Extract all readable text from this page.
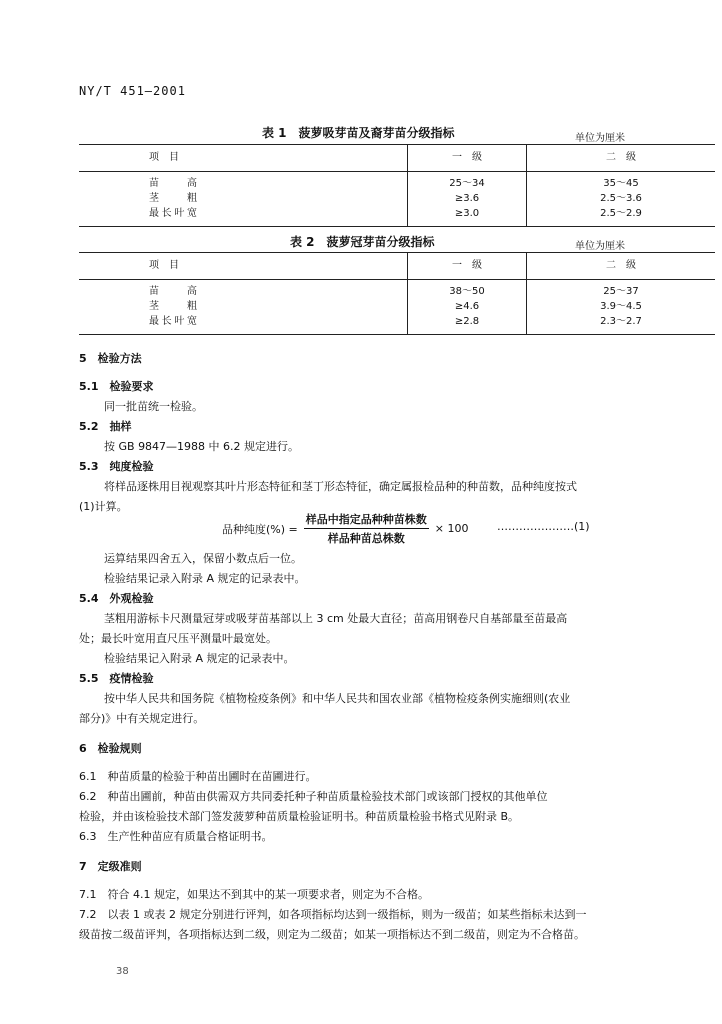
NY/T 451—2001
表 1　菠萝吸芽苗及裔芽苗分级指标	单位为厘米
项　目	一　级	二　级
苗高	25～34	35～45
茎粗	≥3.6	2.5～3.6
最长叶宽	≥3.0	2.5～2.9
表 2　菠萝冠芽苗分级指标	单位为厘米
项　目	一　级	二　级
苗高	38～50	25～37
茎粗	≥4.6	3.9～4.5
最长叶宽	≥2.8	2.3～2.7
5　检验方法
5.1　检验要求
同一批苗统一检验。
5.2　抽样
按 GB 9847—1988 中 6.2 规定进行。
5.3　纯度检验
将样品逐株用目视观察其叶片形态特征和茎丁形态特征，确定属报检品种的种苗数，品种纯度按式
(1)计算。
品种纯度(%) = $\frac{\text{样品中指定品种种苗株数}}{\text{样品种苗总株数}} \times 100$	…………………(1)
运算结果四舍五入，保留小数点后一位。
检验结果记录入附录 A 规定的记录表中。
5.4　外观检验
茎粗用游标卡尺测量冠芽或吸芽苗基部以上 3 cm 处最大直径；苗高用钢卷尺自基部量至苗最高
处；最长叶宽用直尺压平测量叶最宽处。
检验结果记入附录 A 规定的记录表中。
5.5　疫情检验
按中华人民共和国务院《植物检疫条例》和中华人民共和国农业部《植物检疫条例实施细则(农业
部分)》中有关规定进行。
6　检验规则
6.1　种苗质量的检验于种苗出圃时在苗圃进行。
6.2　种苗出圃前，种苗由供需双方共同委托种子种苗质量检验技术部门或该部门授权的其他单位
检验，并由该检验技术部门签发菠萝种苗质量检验证明书。种苗质量检验书格式见附录 B。
6.3　生产性种苗应有质量合格证明书。
7　定级准则
7.1　符合 4.1 规定，如果达不到其中的某一项要求者，则定为不合格。
7.2　以表 1 或表 2 规定分别进行评判，如各项指标均达到一级指标，则为一级苗；如某些指标未达到一
级苗按二级苗评判，各项指标达到二级，则定为二级苗；如某一项指标达不到二级苗，则定为不合格苗。
38
